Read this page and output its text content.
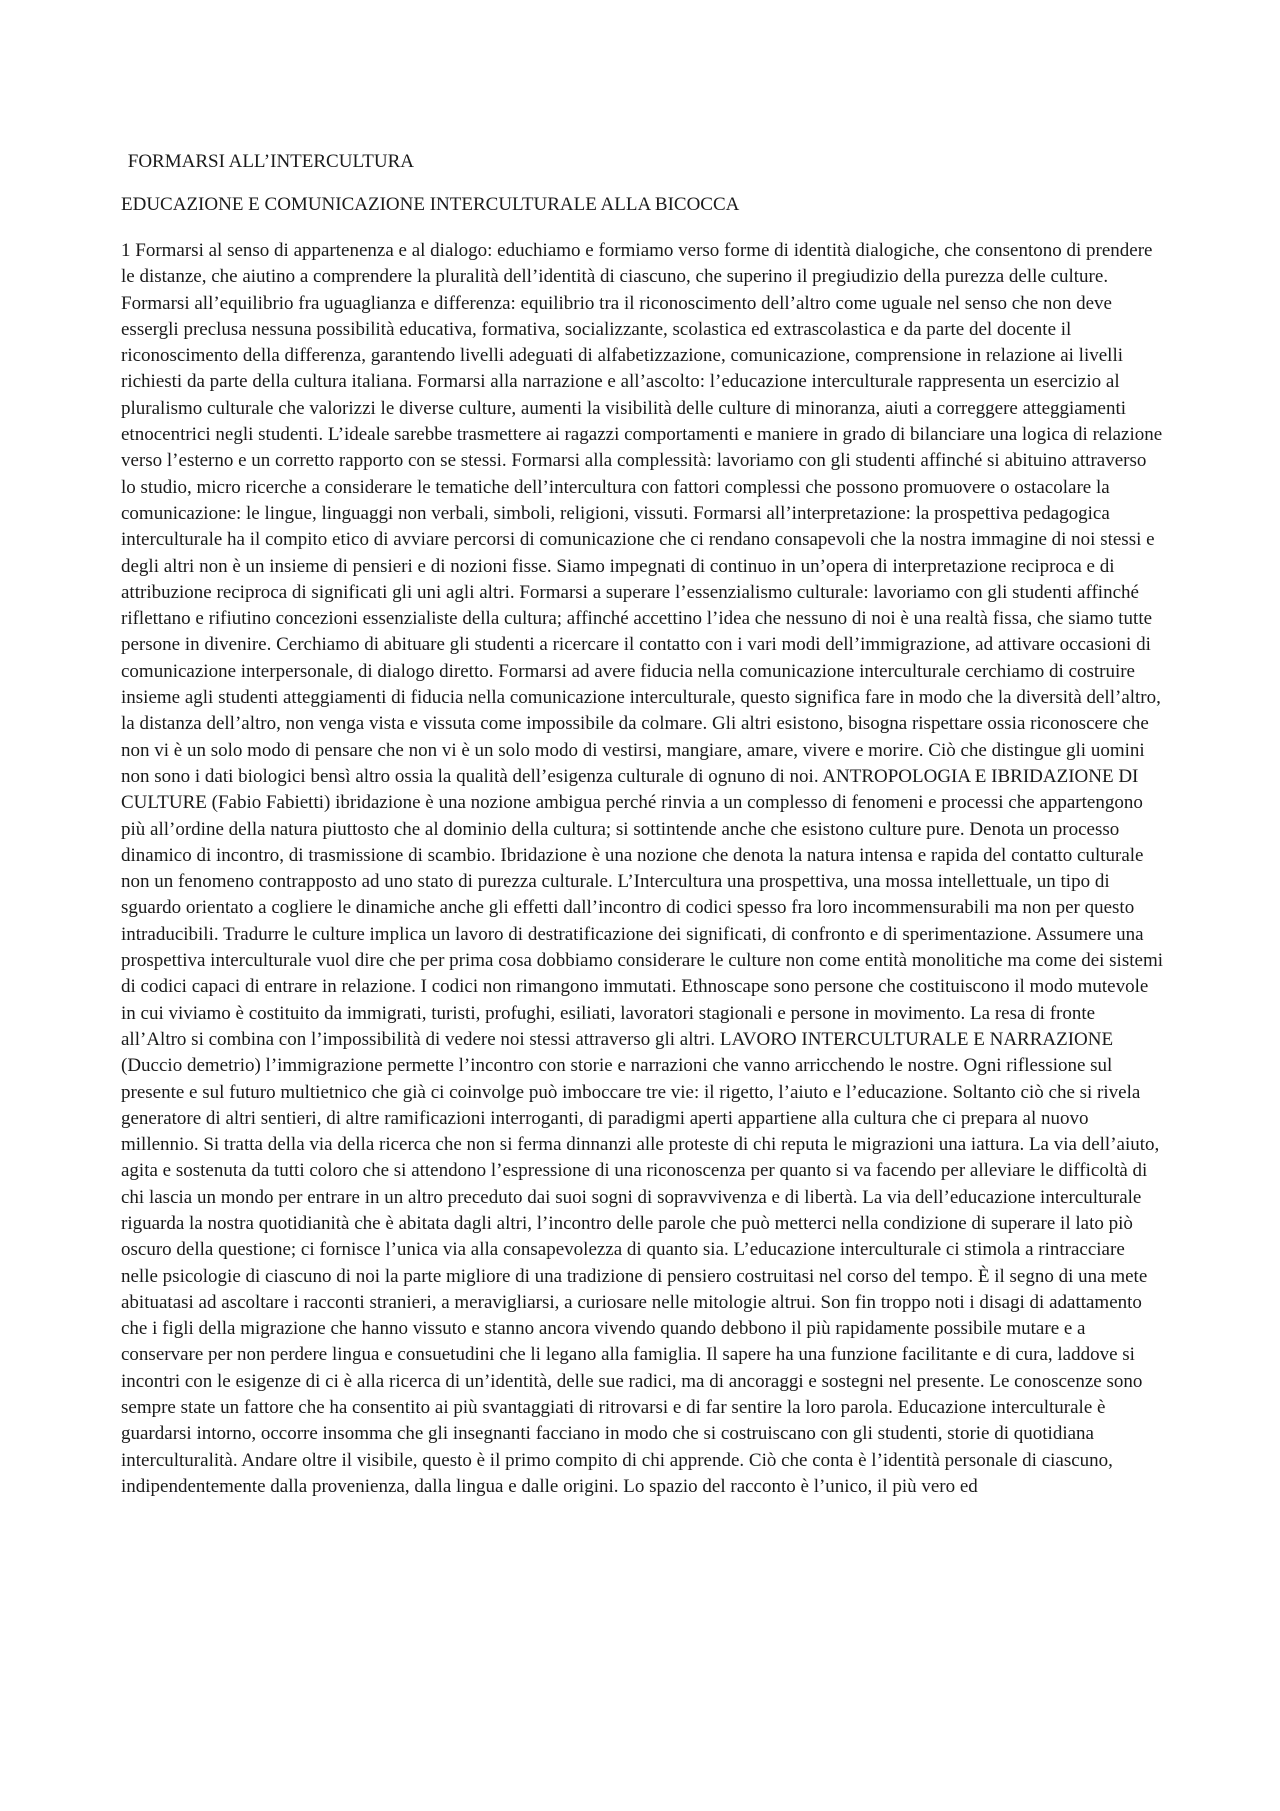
FORMARSI ALL’INTERCULTURA
EDUCAZIONE E COMUNICAZIONE INTERCULTURALE ALLA BICOCCA

1 Formarsi al senso di appartenenza e al dialogo: educhiamo e formiamo verso forme di identità dialogiche, che consentono di prendere le distanze, che aiutino a comprendere la pluralità dell’identità di ciascuno, che superino il pregiudizio della purezza delle culture. Formarsi all’equilibrio fra uguaglianza e differenza: equilibrio tra il riconoscimento dell’altro come uguale nel senso che non deve essergli preclusa nessuna possibilità educativa, formativa, socializzante, scolastica ed extrascolastica e da parte del docente il riconoscimento della differenza, garantendo livelli adeguati di alfabetizzazione, comunicazione, comprensione in relazione ai livelli richiesti da parte della cultura italiana. Formarsi alla narrazione e all’ascolto: l’educazione interculturale rappresenta un esercizio al pluralismo culturale che valorizzi le diverse culture, aumenti la visibilità delle culture di minoranza, aiuti a correggere atteggiamenti etnocentrici negli studenti. L’ideale sarebbe trasmettere ai ragazzi comportamenti e maniere in grado di bilanciare una logica di relazione verso l’esterno e un corretto rapporto con se stessi. Formarsi alla complessità: lavoriamo con gli studenti affinché si abituino attraverso lo studio, micro ricerche a considerare le tematiche dell’intercultura con fattori complessi che possono promuovere o ostacolare la comunicazione: le lingue, linguaggi non verbali, simboli, religioni, vissuti. Formarsi all’interpretazione: la prospettiva pedagogica interculturale ha il compito etico di avviare percorsi di comunicazione che ci rendano consapevoli che la nostra immagine di noi stessi e degli altri non è un insieme di pensieri e di nozioni fisse. Siamo impegnati di continuo in un’opera di interpretazione reciproca e di attribuzione reciproca di significati gli uni agli altri. Formarsi a superare l’essenzialismo culturale: lavoriamo con gli studenti affinché riflettano e rifiutino concezioni essenzialiste della cultura; affinché accettino l’idea che nessuno di noi è una realtà fissa, che siamo tutte persone in divenire. Cerchiamo di abituare gli studenti a ricercare il contatto con i vari modi dell’immigrazione, ad attivare occasioni di comunicazione interpersonale, di dialogo diretto. Formarsi ad avere fiducia nella comunicazione interculturale cerchiamo di costruire insieme agli studenti atteggiamenti di fiducia nella comunicazione interculturale, questo significa fare in modo che la diversità dell’altro, la distanza dell’altro, non venga vista e vissuta come impossibile da colmare. Gli altri esistono, bisogna rispettare ossia riconoscere che non vi è un solo modo di pensare che non vi è un solo modo di vestirsi, mangiare, amare, vivere e morire. Ciò che distingue gli uomini non sono i dati biologici bensì altro ossia la qualità dell’esigenza culturale di ognuno di noi. ANTROPOLOGIA E IBRIDAZIONE DI CULTURE (Fabio Fabietti) ibridazione è una nozione ambigua perché rinvia a un complesso di fenomeni e processi che appartengono più all’ordine della natura piuttosto che al dominio della cultura; si sottintende anche che esistono culture pure. Denota un processo dinamico di incontro, di trasmissione di scambio. Ibridazione è una nozione che denota la natura intensa e rapida del contatto culturale non un fenomeno contrapposto ad uno stato di purezza culturale. L’Intercultura una prospettiva, una mossa intellettuale, un tipo di sguardo orientato a cogliere le dinamiche anche gli effetti dall’incontro di codici spesso fra loro incommensurabili ma non per questo intraducibili. Tradurre le culture implica un lavoro di destratificazione dei significati, di confronto e di sperimentazione. Assumere una prospettiva interculturale vuol dire che per prima cosa dobbiamo considerare le culture non come entità monolitiche ma come dei sistemi di codici capaci di entrare in relazione. I codici non rimangono immutati. Ethnoscape sono persone che costituiscono il modo mutevole in cui viviamo è costituito da immigrati, turisti, profughi, esiliati, lavoratori stagionali e persone in movimento. La resa di fronte all’Altro si combina con l’impossibilità di vedere noi stessi attraverso gli altri. LAVORO INTERCULTURALE E NARRAZIONE (Duccio demetrio) l’immigrazione permette l’incontro con storie e narrazioni che vanno arricchendo le nostre. Ogni riflessione sul presente e sul futuro multietnico che già ci coinvolge può imboccare tre vie: il rigetto, l’aiuto e l’educazione. Soltanto ciò che si rivela generatore di altri sentieri, di altre ramificazioni interroganti, di paradigmi aperti appartiene alla cultura che ci prepara al nuovo millennio. Si tratta della via della ricerca che non si ferma dinnanzi alle proteste di chi reputa le migrazioni una iattura. La via dell’aiuto, agita e sostenuta da tutti coloro che si attendono l’espressione di una riconoscenza per quanto si va facendo per alleviare le difficoltà di chi lascia un mondo per entrare in un altro preceduto dai suoi sogni di sopravvivenza e di libertà. La via dell’educazione interculturale riguarda la nostra quotidianità che è abitata dagli altri, l’incontro delle parole che può metterci nella condizione di superare il lato piò oscuro della questione; ci fornisce l’unica via alla consapevolezza di quanto sia. L’educazione interculturale ci stimola a rintracciare nelle psicologie di ciascuno di noi la parte migliore di una tradizione di pensiero costruitasi nel corso del tempo. È il segno di una mete abituatasi ad ascoltare i racconti stranieri, a meravigliarsi, a curiosare nelle mitologie altrui. Son fin troppo noti i disagi di adattamento che i figli della migrazione che hanno vissuto e stanno ancora vivendo quando debbono il più rapidamente possibile mutare e a conservare per non perdere lingua e consuetudini che li legano alla famiglia. Il sapere ha una funzione facilitante e di cura, laddove si incontri con le esigenze di ci è alla ricerca di un’identità, delle sue radici, ma di ancoraggi e sostegni nel presente. Le conoscenze sono sempre state un fattore che ha consentito ai più svantaggiati di ritrovarsi e di far sentire la loro parola. Educazione interculturale è guardarsi intorno, occorre insomma che gli insegnanti facciano in modo che si costruiscano con gli studenti, storie di quotidiana interculturalità. Andare oltre il visibile, questo è il primo compito di chi apprende. Ciò che conta è l’identità personale di ciascuno, indipendentemente dalla provenienza, dalla lingua e dalle origini. Lo spazio del racconto è l’unico, il più vero ed
